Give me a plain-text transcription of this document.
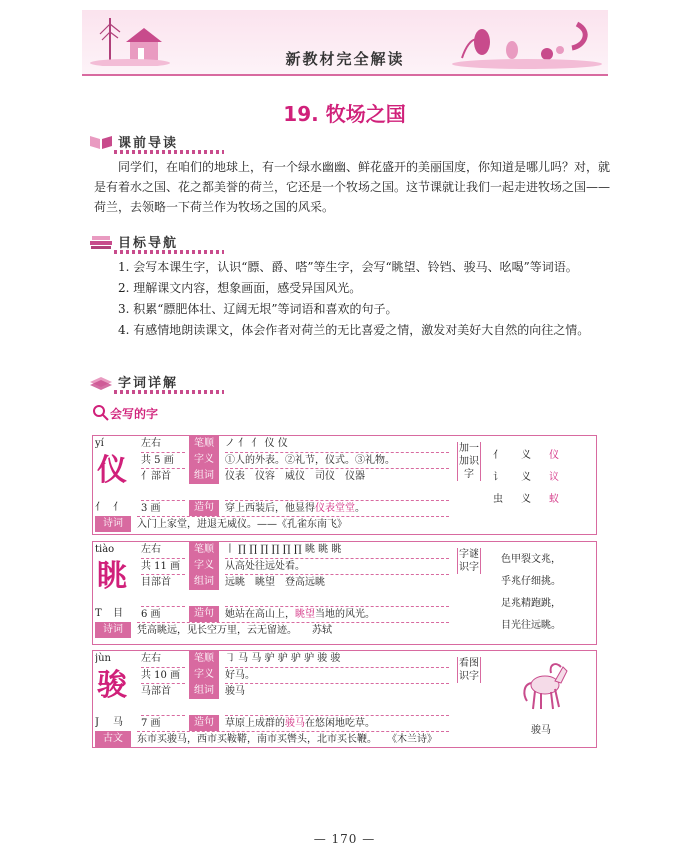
新教材完全解读
19. 牧场之国
课前导读

同学们，在咱们的地球上，有一个绿水幽幽、鲜花盛开的美丽国度，你知道是哪儿吗？对，就是有着水之国、花之都美誉的荷兰，它还是一个牧场之国。这节课就让我们一起走进牧场之国——荷兰，去领略一下荷兰作为牧场之国的风采。

目标导航

1. 会写本课生字，认识“膘、爵、嗒”等生字，会写“眺望、铃铛、骏马、吆喝”等词语。

2. 理解课文内容，想象画面，感受异国风光。

3. 积累“膘肥体壮、辽阔无垠”等词语和喜欢的句子。

4. 有感情地朗读课文，体会作者对荷兰的无比喜爱之情，激发对美好大自然的向往之情。

字词详解
会写的字
yí
仪
亻 亻
左右	笔顺	ノ 亻 亻 仪 仪
共 5 画	字义	①人的外表。②礼节，仪式。③礼物。
亻部首	组词	仪表　仪容　威仪　司仪　仪器
3 画	造句	穿上西装后，他显得仪表堂堂。
诗词	入门上家堂，进退无威仪。——《孔雀东南飞》
加一加识字
亻 义 仪
讠 义 议
虫 义 蚁
tiào
眺
T	目
左右	笔顺	丨 ∏ ∏ ∏ ∏ ∏ ∏ 眺 眺 眺
共 11 画	字义	从高处往远处看。
目部首	组词	远眺　眺望　登高远眺
6 画	造句	她站在高山上，眺望当地的风光。
诗词	凭高眺远，见长空万里，云无留迹。　　苏轼
字谜识字
色甲裂文兆，
乎兆仔细挑。
足兆精跑跳，
目光往远眺。
jùn
骏
J	马
左右	笔顺	㇆ 马 马 驴 驴 驴 驴 骏 骏
共 10 画	字义	好马。
马部首	组词	骏马
7 画	造句	草原上成群的骏马在悠闲地吃草。
古文	东市买骏马，西市买鞍鞯，南市买辔头，北市买长鞭。　　《木兰诗》
看图识字
骏马
— 170 —
